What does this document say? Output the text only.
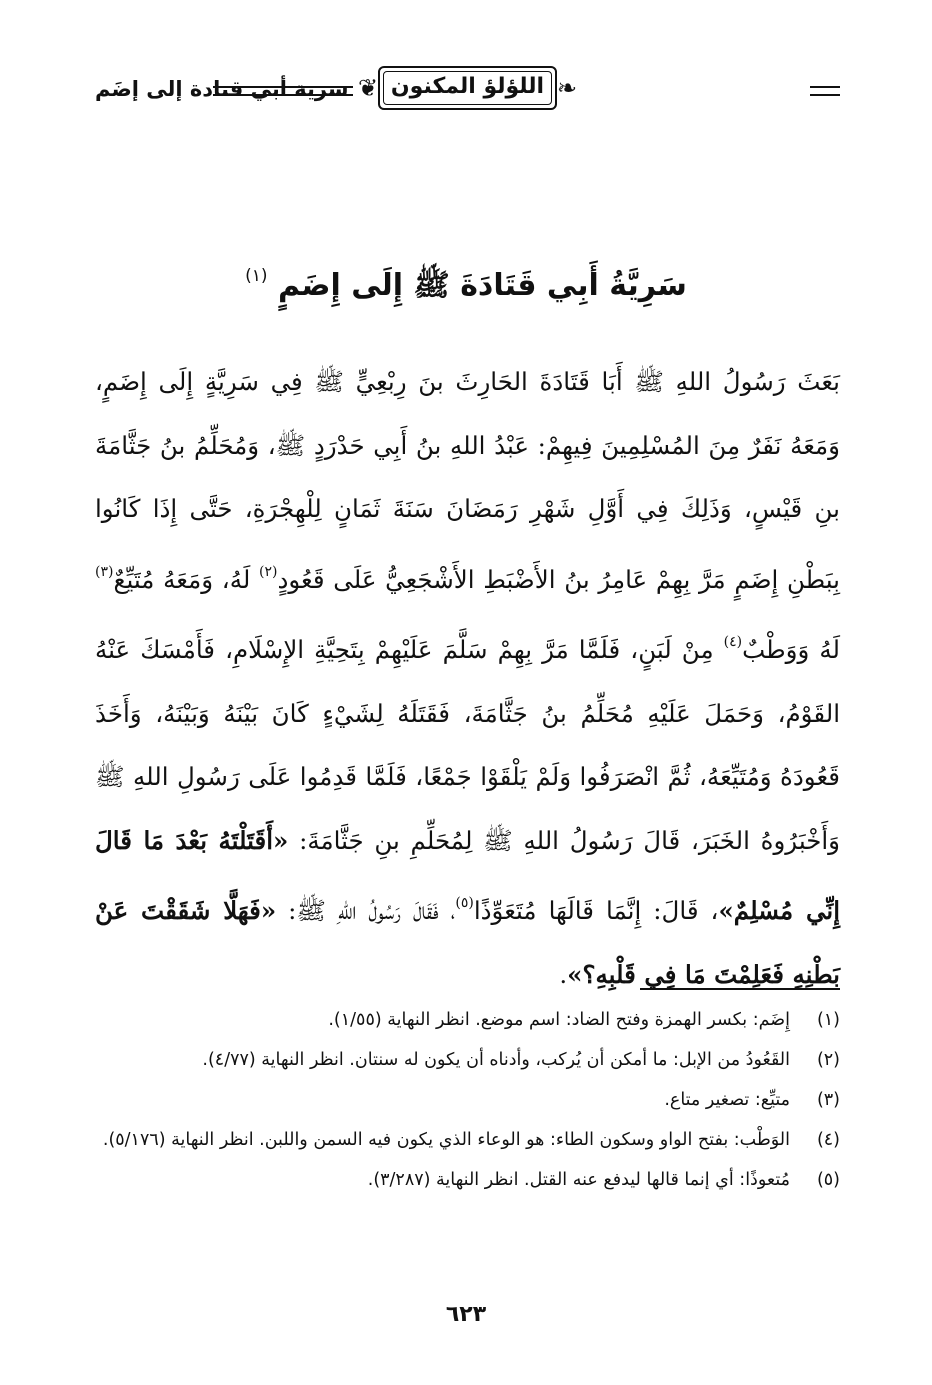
❦	❧
اللؤلؤ المكنون
سرية أبي قتادة إلى إضَم
سَرِيَّةُ أَبِي قَتَادَةَ ﷺ إِلَى إِضَمٍ $^{(١)}$
بَعَثَ رَسُولُ اللهِ ﷺ أَبَا قَتَادَةَ الحَارِثَ بنَ رِبْعِيٍّ ﷺ فِي سَرِيَّةٍ إِلَى إِضَمٍ، وَمَعَهُ نَفَرٌ مِنَ المُسْلِمِينَ فِيهِمْ: عَبْدُ اللهِ بنُ أَبِي حَدْرَدٍ ﷺ، وَمُحَلِّمُ بنُ جَثَّامَةَ بنِ قَيْسٍ، وَذَلِكَ فِي أَوَّلِ شَهْرِ رَمَضَانَ سَنَةَ ثَمَانٍ لِلْهِجْرَةِ، حَتَّى إِذَا كَانُوا بِبَطْنِ إِضَمٍ مَرَّ بِهِمْ عَامِرُ بنُ الأَضْبَطِ الأَشْجَعِيُّ عَلَى قَعُودٍ$^{(٢)}$ لَهُ، وَمَعَهُ مُتَيِّعٌ$^{(٣)}$ لَهُ وَوَطْبٌ$^{(٤)}$ مِنْ لَبَنٍ، فَلَمَّا مَرَّ بِهِمْ سَلَّمَ عَلَيْهِمْ بِتَحِيَّةِ الإِسْلَامِ، فَأَمْسَكَ عَنْهُ القَوْمُ، وَحَمَلَ عَلَيْهِ مُحَلِّمُ بنُ جَثَّامَةَ، فَقَتَلَهُ لِشَيْءٍ كَانَ بَيْنَهُ وَبَيْنَهُ، وَأَخَذَ قَعُودَهُ وَمُتَيِّعَهُ، ثُمَّ انْصَرَفُوا وَلَمْ يَلْقَوْا جَمْعًا، فَلَمَّا قَدِمُوا عَلَى رَسُولِ اللهِ ﷺ وَأَخْبَرُوهُ الخَبَرَ، قَالَ رَسُولُ اللهِ ﷺ لِمُحَلِّمِ بنِ جَثَّامَةَ: «أَقَتَلْتَهُ بَعْدَ مَا قَالَ إِنِّي مُسْلِمٌ»، قَالَ: إِنَّمَا قَالَهَا مُتَعَوِّذًا$^{(٥)}$، فَقَالَ رَسُولُ اللهِ ﷺ: «فَهَلَّا شَقَقْتَ عَنْ بَطْنِهِ فَعَلِمْتَ مَا فِي قَلْبِهِ؟».
(١)
إِضَم: بكسر الهمزة وفتح الضاد: اسم موضع. انظر النهاية (١/٥٥).
(٢)
القَعُودُ من الإبل: ما أمكن أن يُركب، وأدناه أن يكون له سنتان. انظر النهاية (٤/٧٧).
(٣)
متيِّع: تصغير متاع.
(٤)
الوَطْب: بفتح الواو وسكون الطاء: هو الوعاء الذي يكون فيه السمن واللبن. انظر النهاية (٥/١٧٦).
(٥)
مُتعوذًا: أي إنما قالها ليدفع عنه القتل. انظر النهاية (٣/٢٨٧).
٦٢٣
